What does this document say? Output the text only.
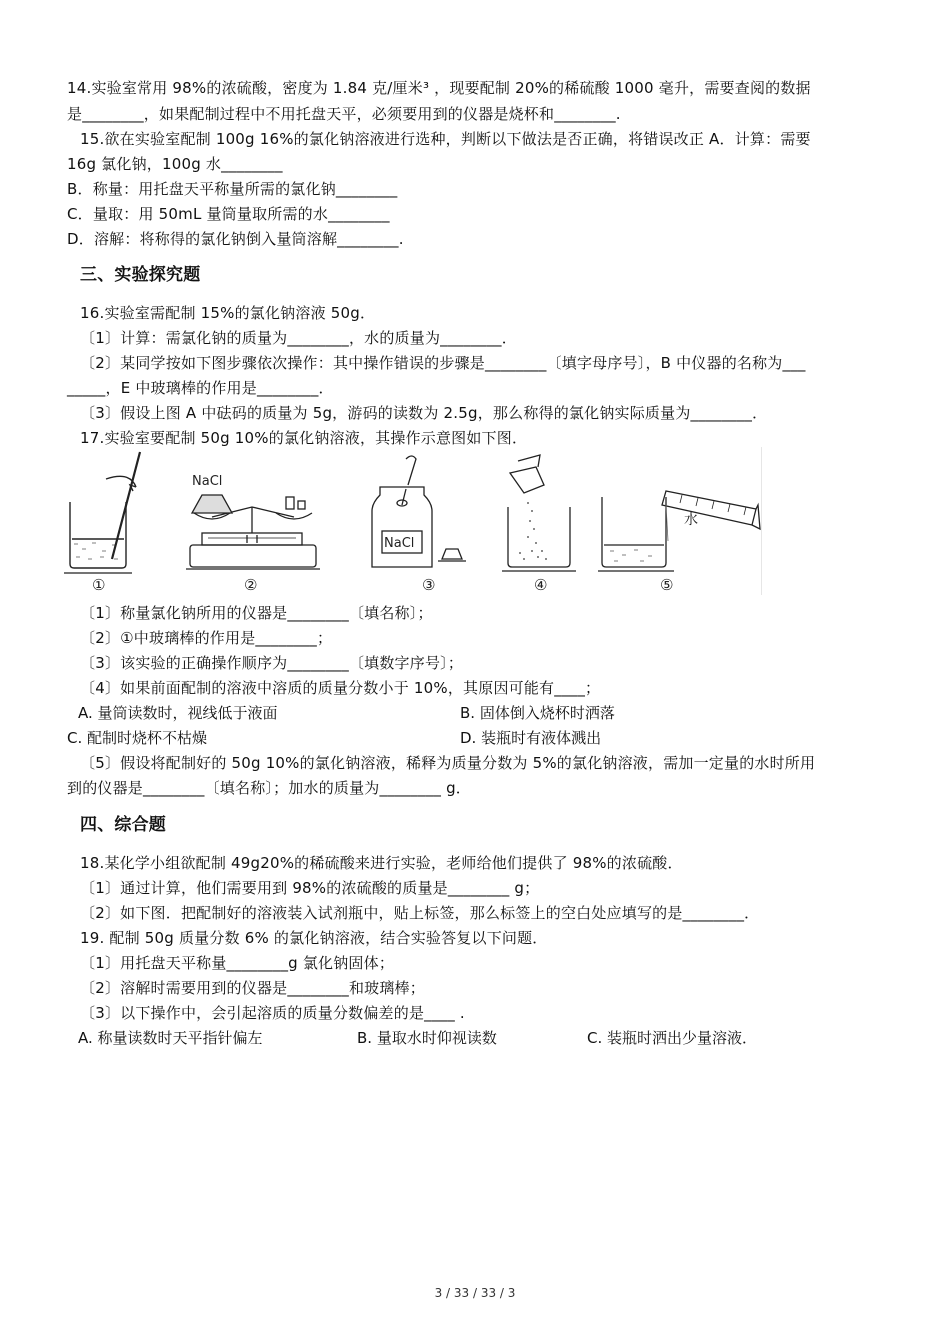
14.实验室常用 98%的浓硫酸，密度为 1.84 克/厘米³ ，现要配制 20%的稀硫酸 1000 毫升，需要查阅的数据
是________，如果配制过程中不用托盘天平，必须要用到的仪器是烧杯和________.
15.欲在实验室配制 100g 16%的氯化钠溶液进行选种，判断以下做法是否正确，将错误改正 A．计算：需要
16g 氯化钠，100g 水________
B．称量：用托盘天平称量所需的氯化钠________
C．量取：用 50mL 量筒量取所需的水________
D．溶解：将称得的氯化钠倒入量筒溶解________.
三、实验探究题
16.实验室需配制 15%的氯化钠溶液 50g．
〔1〕计算：需氯化钠的质量为________，水的质量为________．
〔2〕某同学按如下图步骤依次操作：其中操作错误的步骤是________〔填字母序号〕，B 中仪器的名称为___
_____，E 中玻璃棒的作用是________．
〔3〕假设上图 A 中砝码的质量为 5g，游码的读数为 2.5g，那么称得的氯化钠实际质量为________．
17.实验室要配制 50g 10%的氯化钠溶液，其操作示意图如下图．
①
NaCl
②
NaCl
③	④
水
⑤
〔1〕称量氯化钠所用的仪器是________〔填名称〕；
〔2〕①中玻璃棒的作用是________；
〔3〕该实验的正确操作顺序为________〔填数字序号〕；
〔4〕如果前面配制的溶液中溶质的质量分数小于 10%，其原因可能有____；
A. 量筒读数时，视线低于液面	B. 固体倒入烧杯时洒落
C. 配制时烧杯不枯燥	D. 装瓶时有液体溅出
〔5〕假设将配制好的 50g 10%的氯化钠溶液，稀释为质量分数为 5%的氯化钠溶液，需加一定量的水时所用
到的仪器是________〔填名称〕；加水的质量为________ g．
四、综合题
18.某化学小组欲配制 49g20%的稀硫酸来进行实验，老师给他们提供了 98%的浓硫酸．
〔1〕通过计算，他们需要用到 98%的浓硫酸的质量是________ g；
〔2〕如下图．把配制好的溶液装入试剂瓶中，贴上标签，那么标签上的空白处应填写的是________．
19. 配制 50g 质量分数 6% 的氯化钠溶液，结合实验答复以下问题．
〔1〕用托盘天平称量________g 氯化钠固体；
〔2〕溶解时需要用到的仪器是________和玻璃棒；
〔3〕以下操作中，会引起溶质的质量分数偏差的是____ .
A. 称量读数时天平指针偏左	B. 量取水时仰视读数	C. 装瓶时洒出少量溶液．
3 / 33 / 33 / 3
